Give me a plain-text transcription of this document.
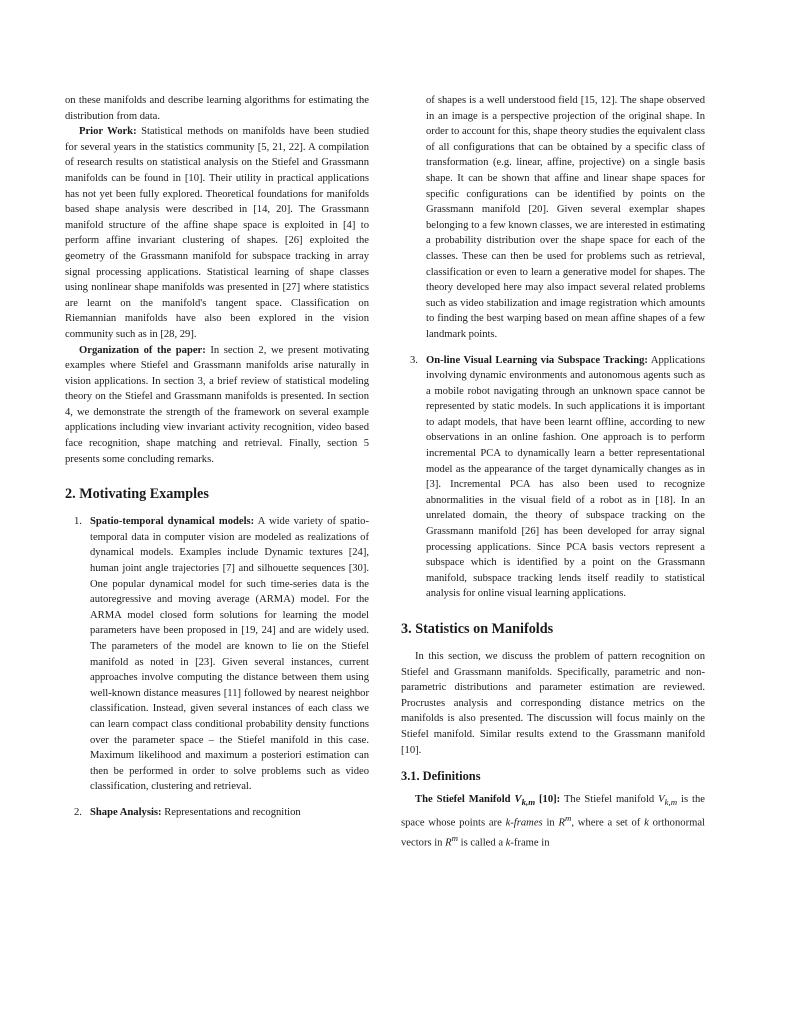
on these manifolds and describe learning algorithms for estimating the distribution from data.

Prior Work: Statistical methods on manifolds have been studied for several years in the statistics community [5, 21, 22]. A compilation of research results on statistical analysis on the Stiefel and Grassmann manifolds can be found in [10]. Their utility in practical applications has not yet been fully explored. Theoretical foundations for manifolds based shape analysis were described in [14, 20]. The Grassmann manifold structure of the affine shape space is exploited in [4] to perform affine invariant clustering of shapes. [26] exploited the geometry of the Grassmann manifold for subspace tracking in array signal processing applications. Statistical learning of shape classes using nonlinear shape manifolds was presented in [27] where statistics are learnt on the manifold's tangent space. Classification on Riemannian manifolds have also been explored in the vision community such as in [28, 29].

Organization of the paper: In section 2, we present motivating examples where Stiefel and Grassmann manifolds arise naturally in vision applications. In section 3, a brief review of statistical modeling theory on the Stiefel and Grassmann manifolds is presented. In section 4, we demonstrate the strength of the framework on several example applications including view invariant activity recognition, video based face recognition, shape matching and retrieval. Finally, section 5 presents some concluding remarks.

2. Motivating Examples
1. Spatio-temporal dynamical models: A wide variety of spatio-temporal data in computer vision are modeled as realizations of dynamical models. Examples include Dynamic textures [24], human joint angle trajectories [7] and silhouette sequences [30]. One popular dynamical model for such time-series data is the autoregressive and moving average (ARMA) model. For the ARMA model closed form solutions for learning the model parameters have been proposed in [19, 24] and are widely used. The parameters of the model are known to lie on the Stiefel manifold as noted in [23]. Given several instances, current approaches involve computing the distance between them using well-known distance measures [11] followed by nearest neighbor classification. Instead, given several instances of each class we can learn compact class conditional probability density functions over the parameter space – the Stiefel manifold in this case. Maximum likelihood and maximum a posteriori estimation can then be performed in order to solve problems such as video classification, clustering and retrieval.

2. Shape Analysis: Representations and recognition

of shapes is a well understood field [15, 12]. The shape observed in an image is a perspective projection of the original shape. In order to account for this, shape theory studies the equivalent class of all configurations that can be obtained by a specific class of transformation (e.g. linear, affine, projective) on a single basis shape. It can be shown that affine and linear shape spaces for specific configurations can be identified by points on the Grassmann manifold [20]. Given several exemplar shapes belonging to a few known classes, we are interested in estimating a probability distribution over the shape space for each of the classes. These can then be used for problems such as retrieval, classification or even to learn a generative model for shapes. The theory developed here may also impact several related problems such as video stabilization and image registration which amounts to finding the best warping based on mean affine shapes of a few landmark points.

3. On-line Visual Learning via Subspace Tracking: Applications involving dynamic environments and autonomous agents such as a mobile robot navigating through an unknown space cannot be represented by static models. In such applications it is important to adapt models, that have been learnt offline, according to new observations in an online fashion. One approach is to perform incremental PCA to dynamically learn a better representational model as the appearance of the target dynamically changes as in [3]. Incremental PCA has also been used to recognize abnormalities in the visual field of a robot as in [18]. In an unrelated domain, the theory of subspace tracking on the Grassmann manifold [26] has been developed for array signal processing applications. Since PCA basis vectors represent a subspace which is identified by a point on the Grassmann manifold, subspace tracking lends itself readily to statistical analysis for online visual learning applications.

3. Statistics on Manifolds

In this section, we discuss the problem of pattern recognition on Stiefel and Grassmann manifolds. Specifically, parametric and non-parametric distributions and parameter estimation are reviewed. Procrustes analysis and corresponding distance metrics on the manifolds is also presented. The discussion will focus mainly on the Stiefel manifold. Similar results extend to the Grassmann manifold [10].

3.1. Definitions

The Stiefel Manifold $V_{k,m}$ [10]: The Stiefel manifold $V_{k,m}$ is the space whose points are k-frames in $R^m$, where a set of k orthonormal vectors in $R^m$ is called a k-frame in
